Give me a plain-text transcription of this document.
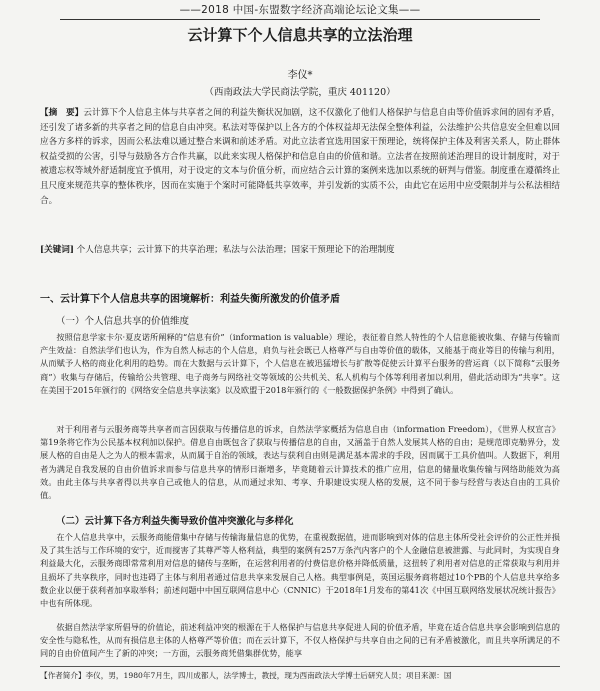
——2018 中国-东盟数字经济高端论坛论文集——
云计算下个人信息共享的立法治理
李仪*
（西南政法大学民商法学院，重庆 401120）
【摘　要】云计算下个人信息主体与共享者之间的利益失衡状况加剧，这不仅激化了他们人格保护与信息自由等价值诉求间的固有矛盾，还引发了诸多新的共享者之间的信息自由冲突。私法对等保护以上各方的个体权益却无法保全整体利益，公法维护公共信息安全但难以回应各方多样的诉求，因而公私法难以通过整合来调和前述矛盾。对此立法者宜选用国家干预理论，统将保护主体及利害关系人，防止群体权益受损的公害，引导与鼓励各方合作共赢，以此来实现人格保护和信息自由的价值和谐。立法者在按照前述治理目的设计制度时，对于被遗忘权等域外舒适制度宜予慎用，对于设定的文本与价值分析，而应结合云计算的案例来选加以系统的研判与借鉴。制度重在遵循终止且尺度来规范共享的整体秩序，因而在实施于个案时可能降低共享效率，并引发新的实质不公，由此它在运用中应受限制并与公私法相结合。
[关键词] 个人信息共享；云计算下的共享治理；私法与公法治理；国家干预理论下的治理制度
一、云计算下个人信息共享的困境解析：利益失衡所激发的价值矛盾
（一）个人信息共享的价值维度
按照信息学家卡尔·夏皮诺所阐释的“信息有价”（information is valuable）理论，表征着自然人特性的个人信息能被收集、存储与传输而产生效益：自然法学们也认为，作为自然人标志的个人信息，肩负与社会既已人格尊严与自由等价值的载体，又能基于商业等目的传输与利用，从而赋予人格的商业化利用的趋势。而在大数据与云计算下，个人信息在被迅猛增长与扩散等促使云计算平台服务的营运商（以下简称“云服务商”）收集与存储后，传输给公共管理、电子商务与网络社交等领域的公共机关、私人机构与个体等利用者加以利用，借此活动即为“共享”。这在美国于2015年颁行的《网络安全信息共享法案》以及欧盟于2018年颁行的《一般数据保护条例》中得到了确认。
对于利用者与云服务商等共享者而言因获取与传播信息的诉求，自然法学家概括为信息自由（information Freedom），《世界人权宣言》第19条将它作为公民基本权利加以保护。借息自由既包含了获取与传播信息的自由，又涵盖于自然人发展其人格的自由；是规范即克勒界分，发展人格的自由是人之为人的根本需求，从而属于自治的领域，表达与获利自由则是满足基本需求的手段，因而属于工具价值叫。人数据下，利用者为满足自我发展的自由价值诉求而参与信息共享的情形日渐增多，毕竟随着云计算技术的推广应用，信息的储量收集传输与网络助能效为高效。由此主体与共享者得以共享自己或他人的信息，从而通过求知、考享、升职建设实现人格的发展，这不同于参与经营与表达自由的工具价值。
（二）云计算下各方利益失衡导致价值冲突激化与多样化
在个人信息共享中，云服务商能借集中存储与传输海量信息的优势，在重视数据值，进而影响到对体的信息主体所受社会评价的公正性并损及了其生活与工作环境的安宁，近而搅害了其尊严等人格利益，典型的案例有257万条汽内客户的个人金融信息被泄露、与此同时，为实现自身利益最大化，云服务商即常常利用对信息的储传与垄断，在运营利用者的付费信息价格并降低质量，这扭转了利用者对信息的正常获取与利用并且损坏了共享秩序，同时也违碍了主体与利用者通过信息共享来发展自己人格。典型事例是，英国运服务商将超过10个PB的个人信息共享给多数企业以便于获利者加享取举科；前述问题中中国互联网信息中心（CNNIC）于2018年1月发布的第41次《中国互联网络发展状况统计报告》中也有所体现。
依据自然法学家所倡导的价值论，前述利益冲突的根源在于人格保护与信息共享促进人间的价值矛盾，毕竟在适合信息共享会影响到信息的安全性与隐私性，从而有损信息主体的人格尊严等价值；而在云计算下，不仅人格保护与共享自由之间的已有矛盾被激化，而且共享所满足的不同的自由价值间产生了新的冲突；一方面，云服务商凭借集群优势，能享
【作者简介】李仪，男，1980年7月生，四川成都人，法学博士，教授，现为西南政法大学博士后研究人员；项目来源：国
